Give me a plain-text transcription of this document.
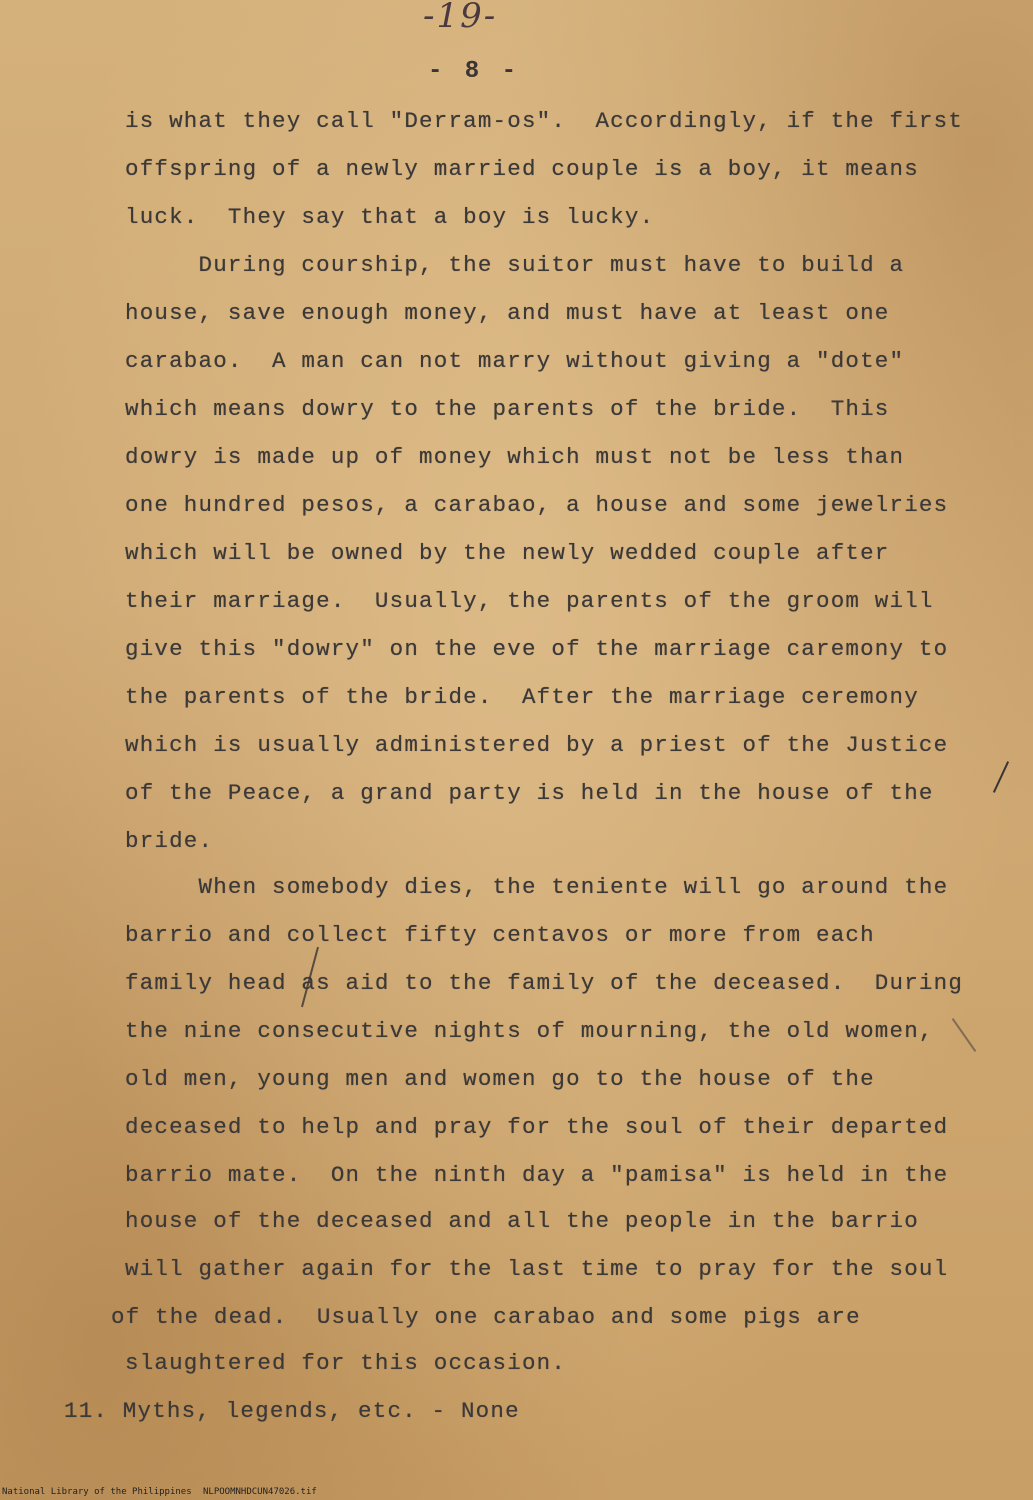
-19-
- 8 -
is what they call "Derram-os".  Accordingly, if the first
offspring of a newly married couple is a boy, it means
luck.  They say that a boy is lucky.
During courship, the suitor must have to build a
house, save enough money, and must have at least one
carabao.  A man can not marry without giving a "dote"
which means dowry to the parents of the bride.  This
dowry is made up of money which must not be less than
one hundred pesos, a carabao, a house and some jewelries
which will be owned by the newly wedded couple after
their marriage.  Usually, the parents of the groom will
give this "dowry" on the eve of the marriage caremony to
the parents of the bride.  After the marriage ceremony
which is usually administered by a priest of the Justice
of the Peace, a grand party is held in the house of the
bride.
When somebody dies, the teniente will go around the
barrio and collect fifty centavos or more from each
family head as aid to the family of the deceased.  During
the nine consecutive nights of mourning, the old women,
old men, young men and women go to the house of the
deceased to help and pray for the soul of their departed
barrio mate.  On the ninth day a "pamisa" is held in the
house of the deceased and all the people in the barrio
will gather again for the last time to pray for the soul
of the dead.  Usually one carabao and some pigs are
slaughtered for this occasion.
11. Myths, legends, etc. - None
National Library of the Philippines NLPOOMNHDCUN47026.tif
